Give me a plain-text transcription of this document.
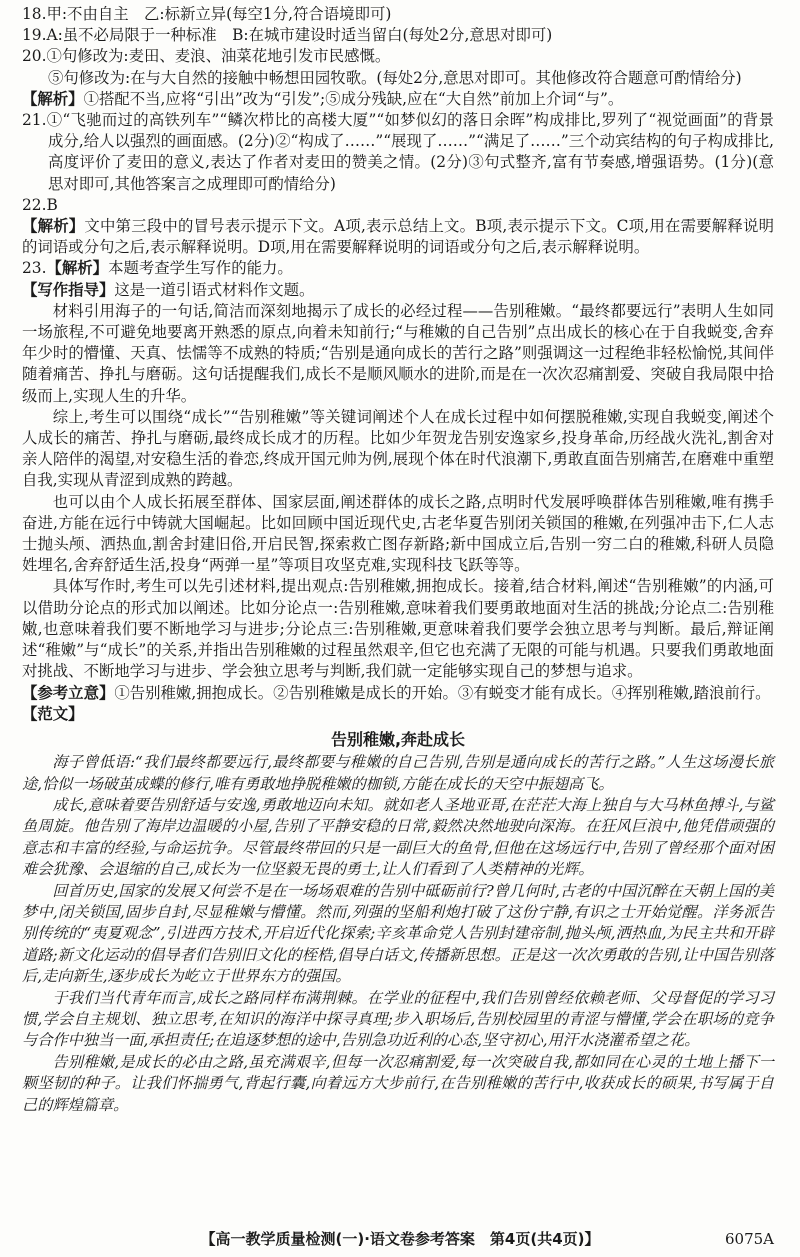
18.甲:不由自主　乙:标新立异(每空1分,符合语境即可)

19.A:虽不必局限于一种标准　B:在城市建设时适当留白(每处2分,意思对即可)

20.①句修改为:麦田、麦浪、油菜花地引发市民感慨。

⑤句修改为:在与大自然的接触中畅想田园牧歌。(每处2分,意思对即可。其他修改符合题意可酌情给分)

【解析】①搭配不当,应将“引出”改为“引发”;⑤成分残缺,应在“大自然”前加上介词“与”。

21.①“飞驰而过的高铁列车”“鳞次栉比的高楼大厦”“如梦似幻的落日余晖”构成排比,罗列了“视觉画面”的背景成分,给人以强烈的画面感。(2分)②“构成了……”“展现了……”“满足了……”三个动宾结构的句子构成排比,高度评价了麦田的意义,表达了作者对麦田的赞美之情。(2分)③句式整齐,富有节奏感,增强语势。(1分)(意思对即可,其他答案言之成理即可酌情给分)

22.B

【解析】文中第三段中的冒号表示提示下文。A项,表示总结上文。B项,表示提示下文。C项,用在需要解释说明的词语或分句之后,表示解释说明。D项,用在需要解释说明的词语或分句之后,表示解释说明。

23.【解析】本题考查学生写作的能力。

【写作指导】这是一道引语式材料作文题。

材料引用海子的一句话,简洁而深刻地揭示了成长的必经过程——告别稚嫩。“最终都要远行”表明人生如同一场旅程,不可避免地要离开熟悉的原点,向着未知前行;“与稚嫩的自己告别”点出成长的核心在于自我蜕变,舍弃年少时的懵懂、天真、怯懦等不成熟的特质;“告别是通向成长的苦行之路”则强调这一过程绝非轻松愉悦,其间伴随着痛苦、挣扎与磨砺。这句话提醒我们,成长不是顺风顺水的进阶,而是在一次次忍痛割爱、突破自我局限中拾级而上,实现人生的升华。

综上,考生可以围绕“成长”“告别稚嫩”等关键词阐述个人在成长过程中如何摆脱稚嫩,实现自我蜕变,阐述个人成长的痛苦、挣扎与磨砺,最终成长成才的历程。比如少年贺龙告别安逸家乡,投身革命,历经战火洗礼,割舍对亲人陪伴的渴望,对安稳生活的眷恋,终成开国元帅为例,展现个体在时代浪潮下,勇敢直面告别痛苦,在磨难中重塑自我,实现从青涩到成熟的跨越。

也可以由个人成长拓展至群体、国家层面,阐述群体的成长之路,点明时代发展呼唤群体告别稚嫩,唯有携手奋进,方能在远行中铸就大国崛起。比如回顾中国近现代史,古老华夏告别闭关锁国的稚嫩,在列强冲击下,仁人志士抛头颅、洒热血,割舍封建旧俗,开启民智,探索救亡图存新路;新中国成立后,告别一穷二白的稚嫩,科研人员隐姓埋名,舍弃舒适生活,投身“两弹一星”等项目攻坚克难,实现科技飞跃等等。

具体写作时,考生可以先引述材料,提出观点:告别稚嫩,拥抱成长。接着,结合材料,阐述“告别稚嫩”的内涵,可以借助分论点的形式加以阐述。比如分论点一:告别稚嫩,意味着我们要勇敢地面对生活的挑战;分论点二:告别稚嫩,也意味着我们要不断地学习与进步;分论点三:告别稚嫩,更意味着我们要学会独立思考与判断。最后,辩证阐述“稚嫩”与“成长”的关系,并指出告别稚嫩的过程虽然艰辛,但它也充满了无限的可能与机遇。只要我们勇敢地面对挑战、不断地学习与进步、学会独立思考与判断,我们就一定能够实现自己的梦想与追求。

【参考立意】①告别稚嫩,拥抱成长。②告别稚嫩是成长的开始。③有蜕变才能有成长。④挥别稚嫩,踏浪前行。

【范文】

告别稚嫩,奔赴成长

海子曾低语:“我们最终都要远行,最终都要与稚嫩的自己告别,告别是通向成长的苦行之路。”人生这场漫长旅途,恰似一场破茧成蝶的修行,唯有勇敢地挣脱稚嫩的枷锁,方能在成长的天空中振翅高飞。

成长,意味着要告别舒适与安逸,勇敢地迈向未知。就如老人圣地亚哥,在茫茫大海上独自与大马林鱼搏斗,与鲨鱼周旋。他告别了海岸边温暖的小屋,告别了平静安稳的日常,毅然决然地驶向深海。在狂风巨浪中,他凭借顽强的意志和丰富的经验,与命运抗争。尽管最终带回的只是一副巨大的鱼骨,但他在这场远行中,告别了曾经那个面对困难会犹豫、会退缩的自己,成长为一位坚毅无畏的勇士,让人们看到了人类精神的光辉。

回首历史,国家的发展又何尝不是在一场场艰难的告别中砥砺前行?曾几何时,古老的中国沉醉在天朝上国的美梦中,闭关锁国,固步自封,尽显稚嫩与懵懂。然而,列强的坚船利炮打破了这份宁静,有识之士开始觉醒。洋务派告别传统的“夷夏观念”,引进西方技术,开启近代化探索;辛亥革命党人告别封建帝制,抛头颅,洒热血,为民主共和开辟道路;新文化运动的倡导者们告别旧文化的桎梏,倡导白话文,传播新思想。正是这一次次勇敢的告别,让中国告别落后,走向新生,逐步成长为屹立于世界东方的强国。

于我们当代青年而言,成长之路同样布满荆棘。在学业的征程中,我们告别曾经依赖老师、父母督促的学习习惯,学会自主规划、独立思考,在知识的海洋中探寻真理;步入职场后,告别校园里的青涩与懵懂,学会在职场的竞争与合作中独当一面,承担责任;在追逐梦想的途中,告别急功近利的心态,坚守初心,用汗水浇灌希望之花。

告别稚嫩,是成长的必由之路,虽充满艰辛,但每一次忍痛割爱,每一次突破自我,都如同在心灵的土地上播下一颗坚韧的种子。让我们怀揣勇气,背起行囊,向着远方大步前行,在告别稚嫩的苦行中,收获成长的硕果,书写属于自己的辉煌篇章。

【高一教学质量检测(一)·语文卷参考答案　第4页(共4页)】	6075A
